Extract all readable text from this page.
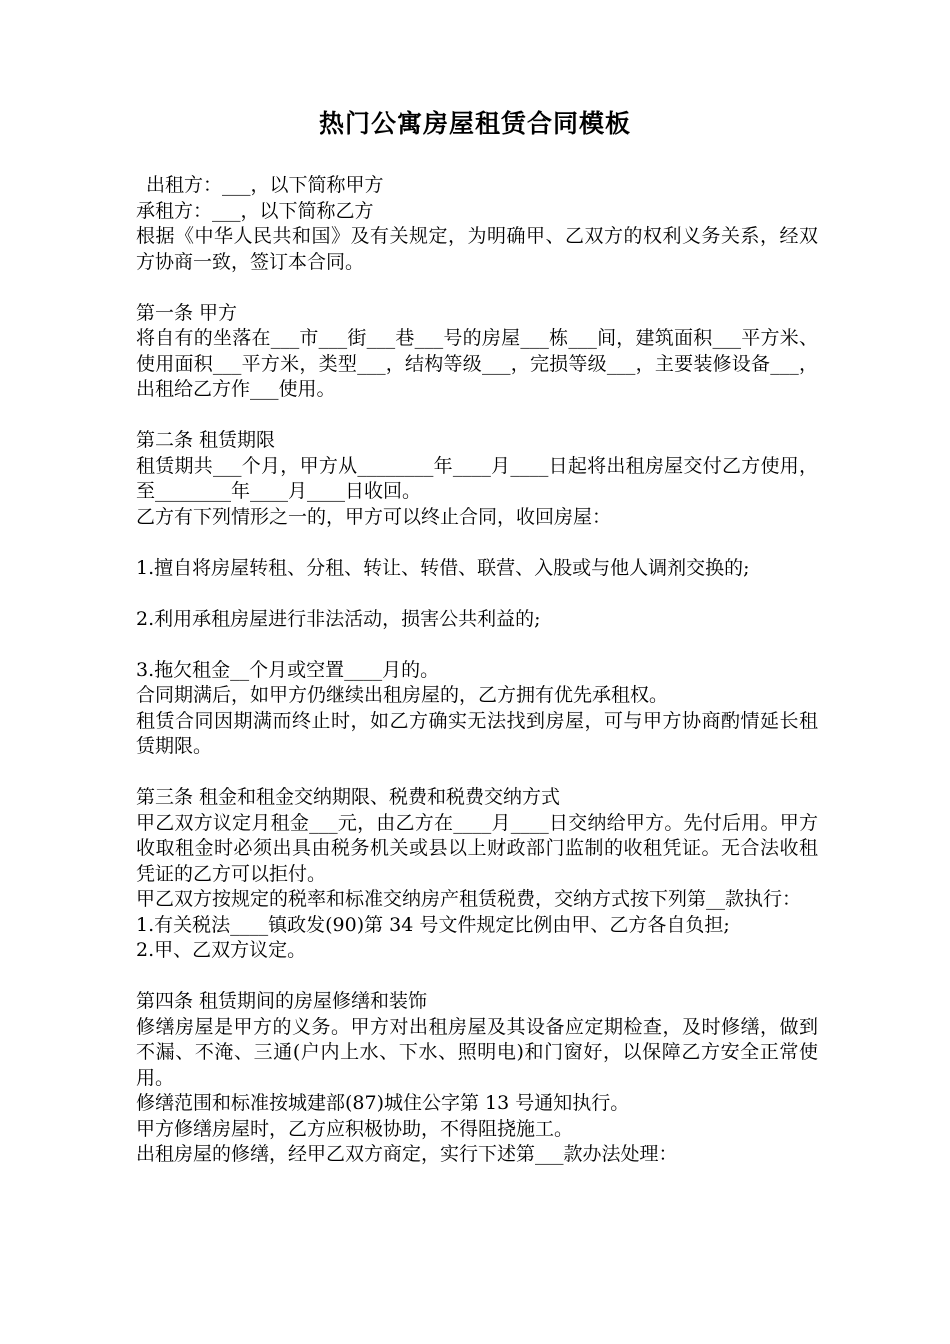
热门公寓房屋租赁合同模板

出租方：___，以下简称甲方

承租方：___，以下简称乙方

根据《中华人民共和国》及有关规定，为明确甲、乙双方的权利义务关系，经双方协商一致，签订本合同。

第一条 甲方

将自有的坐落在___市___街___巷___号的房屋___栋___间，建筑面积___平方米、使用面积___平方米，类型___，结构等级___，完损等级___，主要装修设备___，出租给乙方作___使用。

第二条 租赁期限

租赁期共___个月，甲方从________年____月____日起将出租房屋交付乙方使用，至________年____月____日收回。

乙方有下列情形之一的，甲方可以终止合同，收回房屋：

1.擅自将房屋转租、分租、转让、转借、联营、入股或与他人调剂交换的;

2.利用承租房屋进行非法活动，损害公共利益的;

3.拖欠租金__个月或空置____月的。

合同期满后，如甲方仍继续出租房屋的，乙方拥有优先承租权。

租赁合同因期满而终止时，如乙方确实无法找到房屋，可与甲方协商酌情延长租赁期限。

第三条 租金和租金交纳期限、税费和税费交纳方式

甲乙双方议定月租金___元，由乙方在____月____日交纳给甲方。先付后用。甲方收取租金时必须出具由税务机关或县以上财政部门监制的收租凭证。无合法收租凭证的乙方可以拒付。

甲乙双方按规定的税率和标准交纳房产租赁税费，交纳方式按下列第__款执行：

1.有关税法____镇政发(90)第 34 号文件规定比例由甲、乙方各自负担;

2.甲、乙双方议定。

第四条 租赁期间的房屋修缮和装饰

修缮房屋是甲方的义务。甲方对出租房屋及其设备应定期检查，及时修缮，做到不漏、不淹、三通(户内上水、下水、照明电)和门窗好，以保障乙方安全正常使用。

修缮范围和标准按城建部(87)城住公字第 13 号通知执行。

甲方修缮房屋时，乙方应积极协助，不得阻挠施工。

出租房屋的修缮，经甲乙双方商定，实行下述第___款办法处理：
